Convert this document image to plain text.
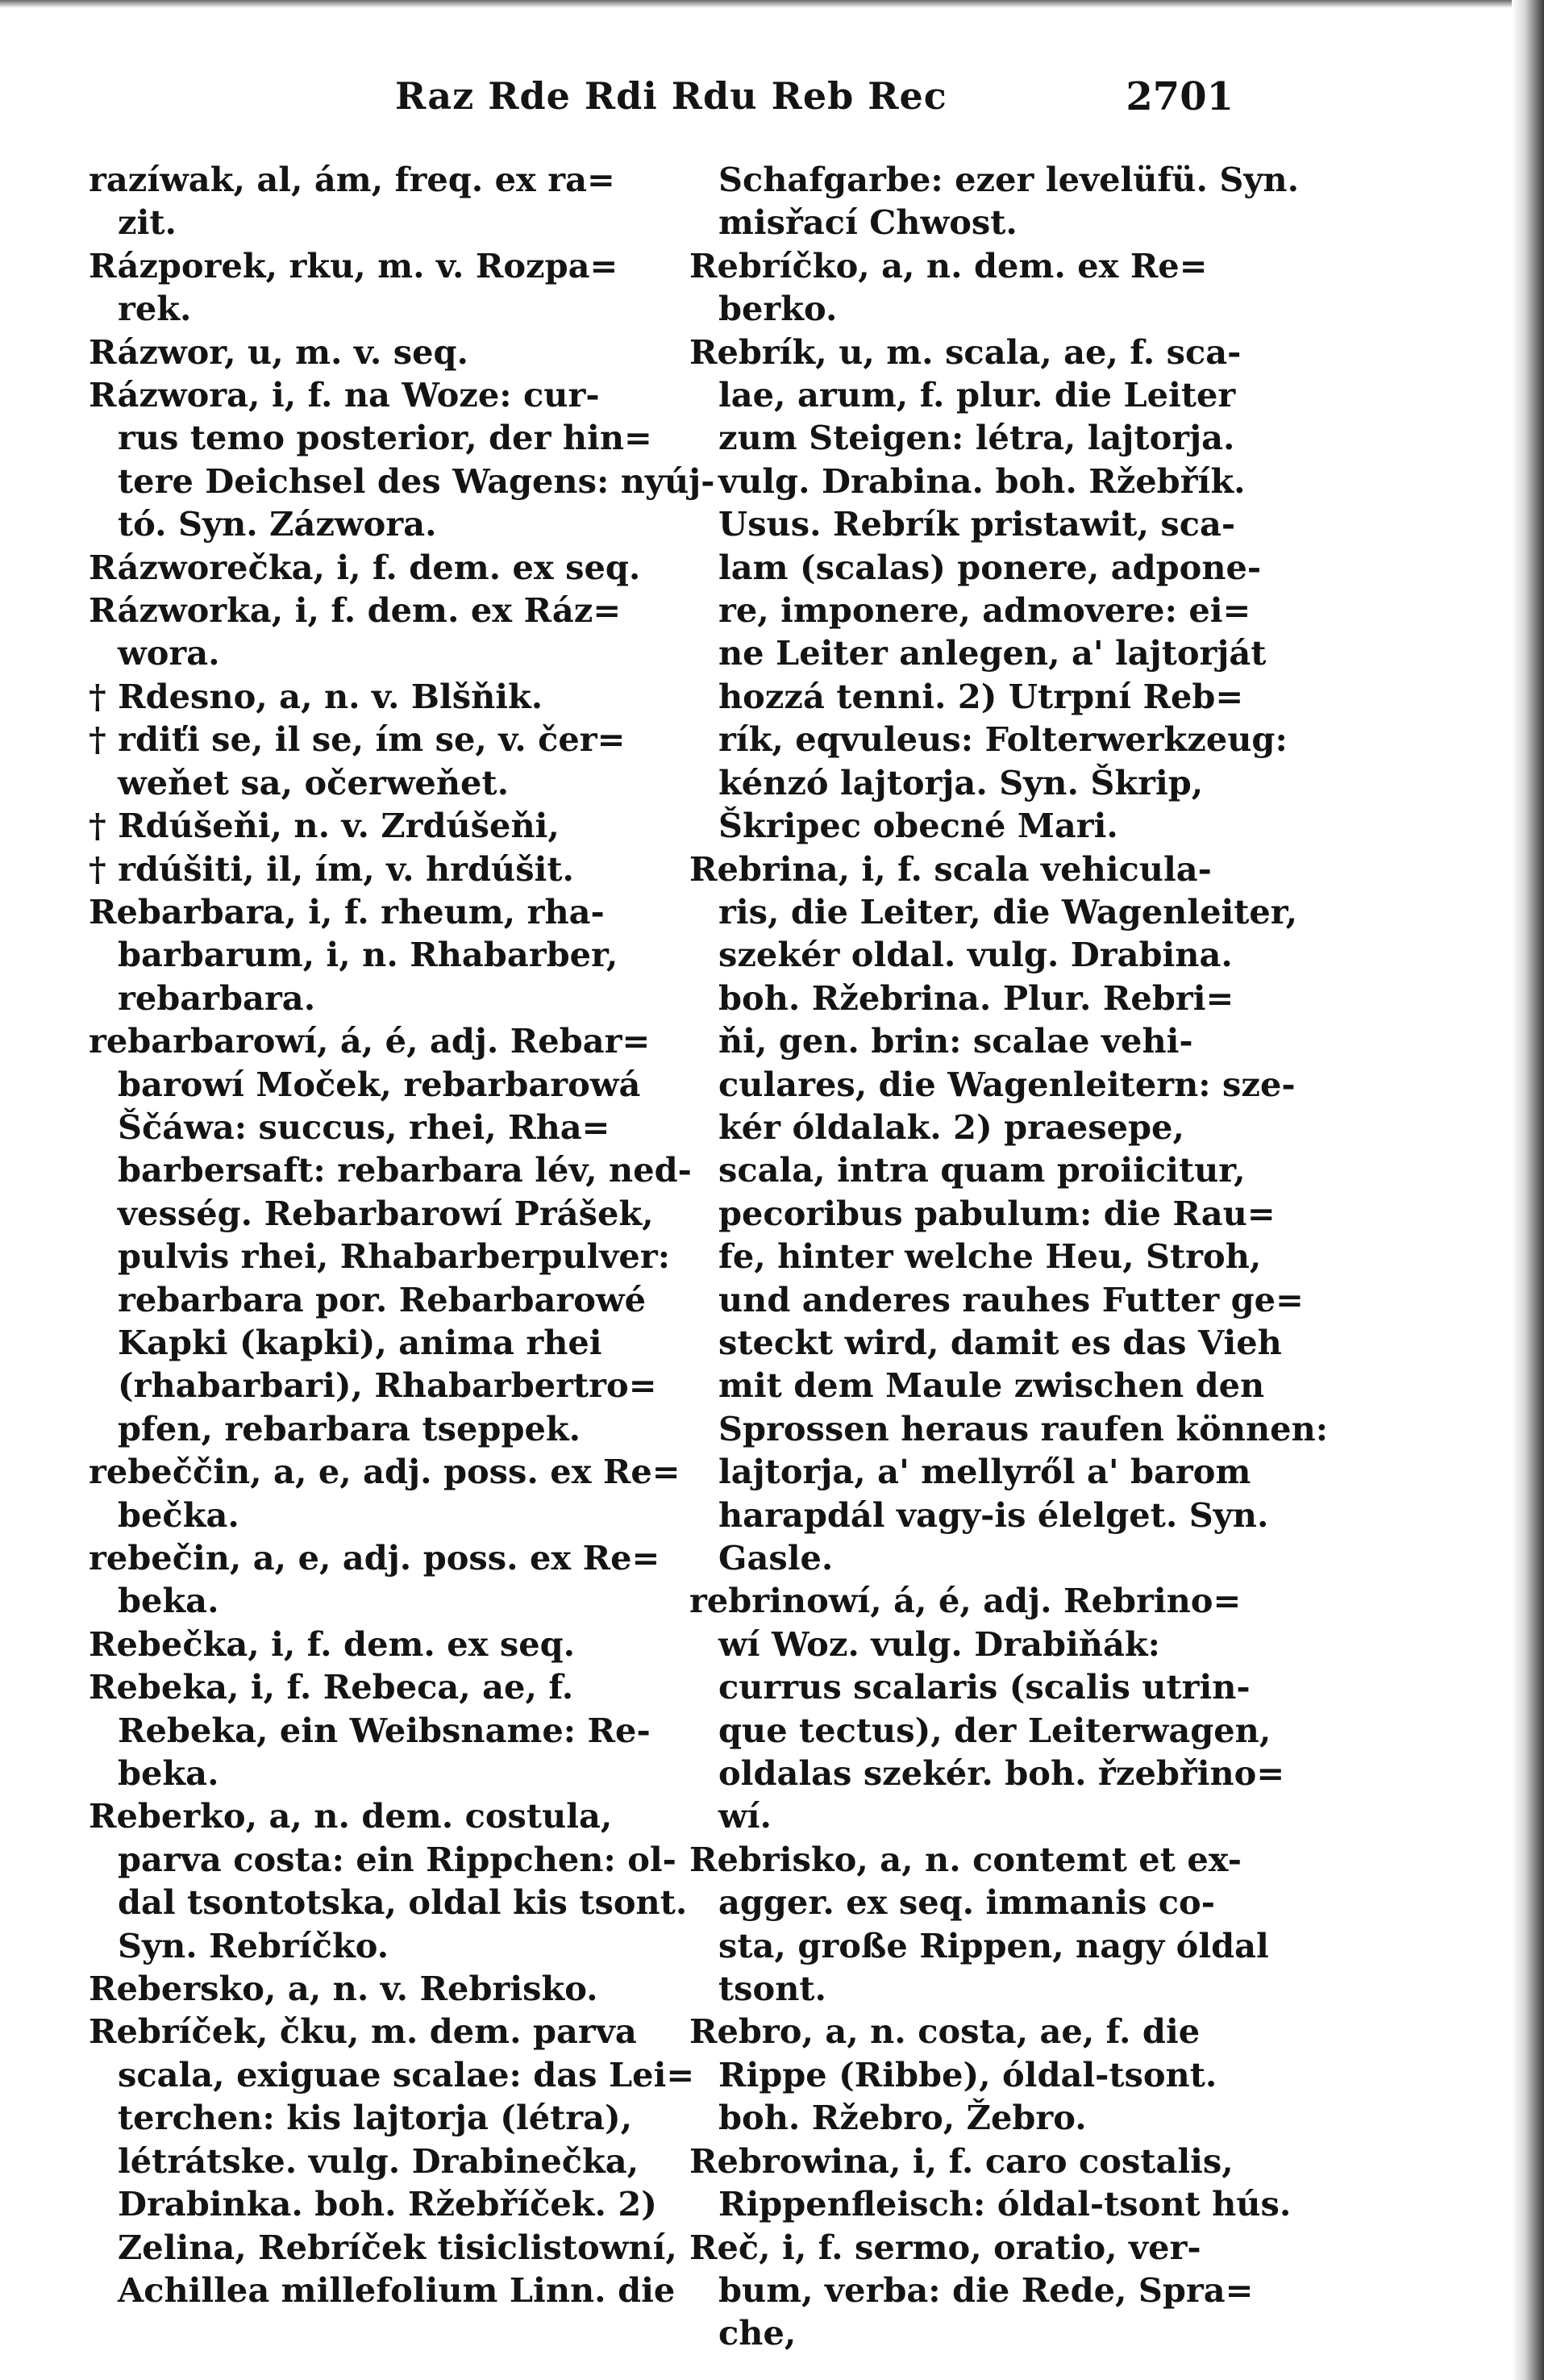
Raz Rde Rdi Rdu Reb Rec	2701
razíwak, al, ám, freq. ex ra=
zit.
Rázporek, rku, m. v. Rozpa=
rek.
Rázwor, u, m. v. seq.
Rázwora, i, f. na Woze: cur-
rus temo posterior, der hin=
tere Deichsel des Wagens: nyúj-
tó. Syn. Zázwora.
Rázworečka, i, f. dem. ex seq.
Rázworka, i, f. dem. ex Ráz=
wora.
† Rdesno, a, n. v. Blšňik.
† rdiťi se, il se, ím se, v. čer=
weňet sa, očerweňet.
† Rdúšeňi, n. v. Zrdúšeňi,
† rdúšiti, il, ím, v. hrdúšit.
Rebarbara, i, f. rheum, rha-
barbarum, i, n. Rhabarber,
rebarbara.
rebarbarowí, á, é, adj. Rebar=
barowí Moček, rebarbarowá
Ščáwa: succus, rhei, Rha=
barbersaft: rebarbara lév, ned-
vesség. Rebarbarowí Prášek,
pulvis rhei, Rhabarberpulver:
rebarbara por. Rebarbarowé
Kapki (kapki), anima rhei
(rhabarbari), Rhabarbertro=
pfen, rebarbara tseppek.
rebeččin, a, e, adj. poss. ex Re=
bečka.
rebečin, a, e, adj. poss. ex Re=
beka.
Rebečka, i, f. dem. ex seq.
Rebeka, i, f. Rebeca, ae, f.
Rebeka, ein Weibsname: Re-
beka.
Reberko, a, n. dem. costula,
parva costa: ein Rippchen: ol-
dal tsontotska, oldal kis tsont.
Syn. Rebríčko.
Rebersko, a, n. v. Rebrisko.
Rebríček, čku, m. dem. parva
scala, exiguae scalae: das Lei=
terchen: kis lajtorja (létra),
létrátske. vulg. Drabinečka,
Drabinka. boh. Ržebříček. 2)
Zelina, Rebríček tisiclistowní,
Achillea millefolium Linn. die
Schafgarbe: ezer levelüfü. Syn.
misřací Chwost.
Rebríčko, a, n. dem. ex Re=
berko.
Rebrík, u, m. scala, ae, f. sca-
lae, arum, f. plur. die Leiter
zum Steigen: létra, lajtorja.
vulg. Drabina. boh. Ržebřík.
Usus. Rebrík pristawit, sca-
lam (scalas) ponere, adpone-
re, imponere, admovere: ei=
ne Leiter anlegen, a' lajtorját
hozzá tenni. 2) Utrpní Reb=
rík, eqvuleus: Folterwerkzeug:
kénzó lajtorja. Syn. Škrip,
Škripec obecné Mari.
Rebrina, i, f. scala vehicula-
ris, die Leiter, die Wagenleiter,
szekér oldal. vulg. Drabina.
boh. Ržebrina. Plur. Rebri=
ňi, gen. brin: scalae vehi-
culares, die Wagenleitern: sze-
kér óldalak. 2) praesepe,
scala, intra quam proiicitur,
pecoribus pabulum: die Rau=
fe, hinter welche Heu, Stroh,
und anderes rauhes Futter ge=
steckt wird, damit es das Vieh
mit dem Maule zwischen den
Sprossen heraus raufen können:
lajtorja, a' mellyről a' barom
harapdál vagy-is élelget. Syn.
Gasle.
rebrinowí, á, é, adj. Rebrino=
wí Woz. vulg. Drabiňák:
currus scalaris (scalis utrin-
que tectus), der Leiterwagen,
oldalas szekér. boh. řzebřino=
wí.
Rebrisko, a, n. contemt et ex-
agger. ex seq. immanis co-
sta, große Rippen, nagy óldal
tsont.
Rebro, a, n. costa, ae, f. die
Rippe (Ribbe), óldal-tsont.
boh. Ržebro, Žebro.
Rebrowina, i, f. caro costalis,
Rippenfleisch: óldal-tsont hús.
Reč, i, f. sermo, oratio, ver-
bum, verba: die Rede, Spra=
che,
